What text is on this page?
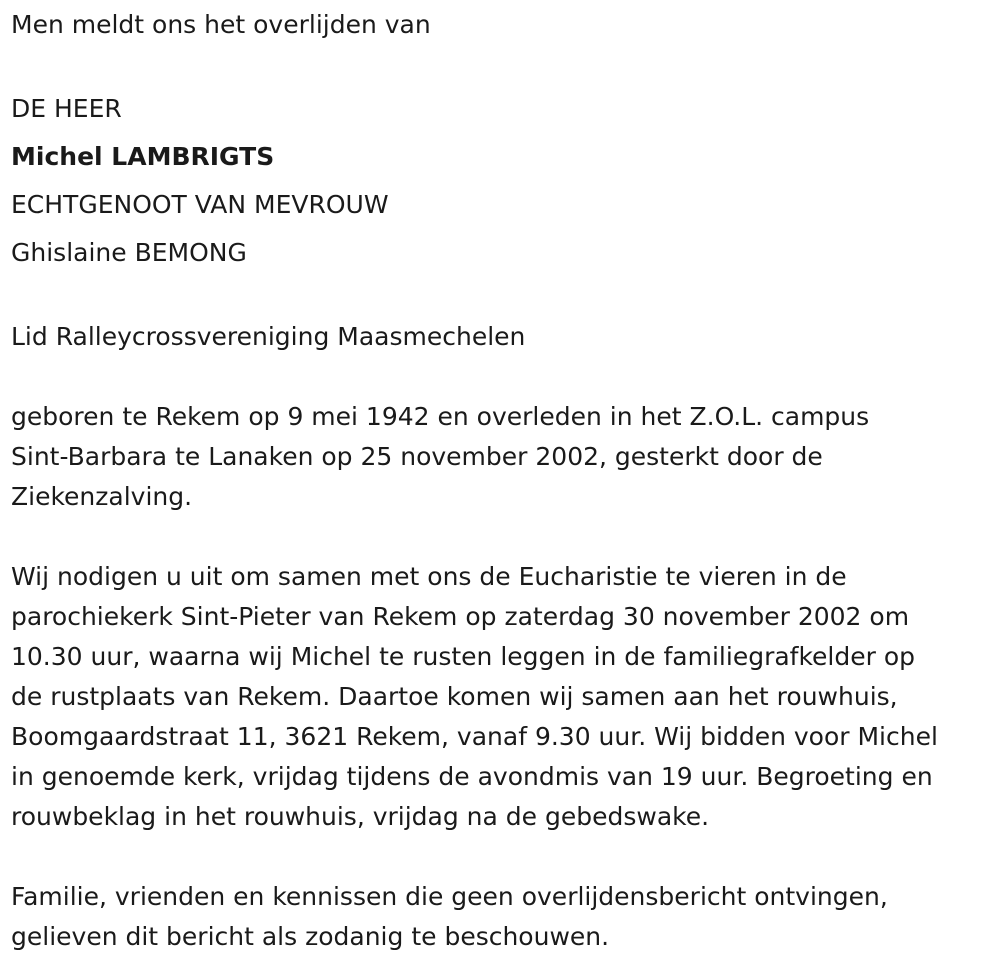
Men meldt ons het overlijden van
DE HEER
Michel LAMBRIGTS
ECHTGENOOT VAN MEVROUW
Ghislaine BEMONG
Lid Ralleycrossvereniging Maasmechelen
geboren te Rekem op 9 mei 1942 en overleden in het Z.O.L. campus
Sint-Barbara te Lanaken op 25 november 2002, gesterkt door de
Ziekenzalving.
Wij nodigen u uit om samen met ons de Eucharistie te vieren in de
parochiekerk Sint-Pieter van Rekem op zaterdag 30 november 2002 om
10.30 uur, waarna wij Michel te rusten leggen in de familiegrafkelder op
de rustplaats van Rekem. Daartoe komen wij samen aan het rouwhuis,
Boomgaardstraat 11, 3621 Rekem, vanaf 9.30 uur. Wij bidden voor Michel
in genoemde kerk, vrijdag tijdens de avondmis van 19 uur. Begroeting en
rouwbeklag in het rouwhuis, vrijdag na de gebedswake.
Familie, vrienden en kennissen die geen overlijdensbericht ontvingen,
gelieven dit bericht als zodanig te beschouwen.
